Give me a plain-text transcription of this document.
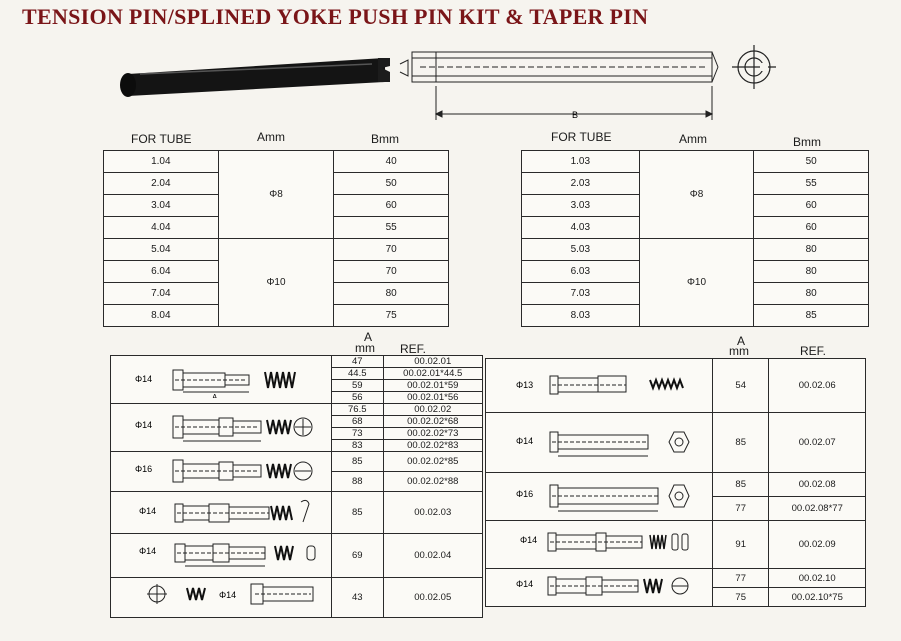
TENSION PIN/SPLINED YOKE PUSH PIN KIT & TAPER PIN
B
FOR TUBE	Amm	Bmm
1.04	Φ8	40
2.04		50
3.04		60
4.04		55
5.04	Φ10	70
6.04		70
7.04		80
8.04		75
FOR TUBE	Amm	Bmm
1.03	Φ8	50
2.03		55
3.03		60
4.03		60
5.03	Φ10	80
6.03		80
7.03		80
8.03		85
A
mm REF.
A
mm	REF.
Φ14
A	47	00.02.01
	44.5	00.02.01*44.5
	59	00.02.01*59
	56	00.02.01*56

Φ14	76.5	00.02.02
	68	00.02.02*68
	73	00.02.02*73
	83	00.02.02*83

Φ16	85	00.02.02*85
	88	00.02.02*88

Φ14	85	00.02.03

Φ14	69	00.02.04

Φ14	43	00.02.05
Φ13	54	00.02.06

Φ14	85	00.02.07

Φ16	85	00.02.08
	77	00.02.08*77

Φ14	91	00.02.09

Φ14	77	00.02.10
	75	00.02.10*75
